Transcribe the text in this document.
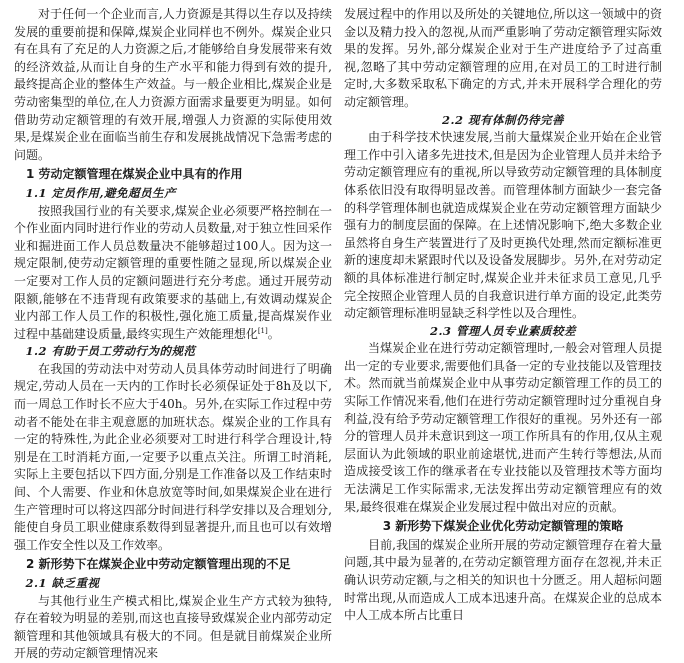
对于任何一个企业而言,人力资源是其得以生存以及持续发展的重要前提和保障,煤炭企业同样也不例外。煤炭企业只有在具有了充足的人力资源之后,才能够给自身发展带来有效的经济效益,从而让自身的生产水平和能力得到有效的提升,最终提高企业的整体生产效益。与一般企业相比,煤炭企业是劳动密集型的单位,在人力资源方面需求量要更为明显。如何借助劳动定额管理的有效开展,增强人力资源的实际使用效果,是煤炭企业在面临当前生存和发展挑战情况下急需考虑的问题。

1 劳动定额管理在煤炭企业中具有的作用
1.1 定员作用,避免超员生产

按照我国行业的有关要求,煤炭企业必须要严格控制在一个作业面内同时进行作业的劳动人员数量,对于独立性回采作业和掘进面工作人员总数量决不能够超过100人。因为这一规定限制,使劳动定额管理的重要性随之显现,所以煤炭企业一定要对工作人员的定额问题进行充分考虑。通过开展劳动限额,能够在不违背现有政策要求的基础上,有效调动煤炭企业内部工作人员工作的积极性,强化施工质量,提高煤炭作业过程中基础建设质量,最终实现生产效能理想化[1]。

1.2 有助于员工劳动行为的规范

在我国的劳动法中对劳动人员具体劳动时间进行了明确规定,劳动人员在一天内的工作时长必须保证处于8h及以下,而一周总工作时长不应大于40h。另外,在实际工作过程中劳动者不能处在非主观意愿的加班状态。煤炭企业的工作具有一定的特殊性,为此企业必须要对工时进行科学合理设计,特别是在工时消耗方面,一定要予以重点关注。所谓工时消耗,实际上主要包括以下四方面,分别是工作准备以及工作结束时间、个人需要、作业和休息放宽等时间,如果煤炭企业在进行生产管理时可以将这四部分时间进行科学安排以及合理划分,能使自身员工职业健康系数得到显著提升,而且也可以有效增强工作安全性以及工作效率。

2 新形势下在煤炭企业中劳动定额管理出现的不足
2.1 缺乏重视

与其他行业生产模式相比,煤炭企业生产方式较为独特,存在着较为明显的差别,而这也直接导致煤炭企业内部劳动定额管理和其他领域具有极大的不同。但是就目前煤炭企业所开展的劳动定额管理情况来

发展过程中的作用以及所处的关键地位,所以这一领域中的资金以及精力投入的忽视,从而严重影响了劳动定额管理实际效果的发挥。另外,部分煤炭企业对于生产进度给予了过高重视,忽略了其中劳动定额管理的应用,在对员工的工时进行制定时,大多数采取私下确定的方式,并未开展科学合理化的劳动定额管理。

2.2 现有体制仍待完善

由于科学技术快速发展,当前大量煤炭企业开始在企业管理工作中引入诸多先进技术,但是因为企业管理人员并未给予劳动定额管理应有的重视,所以导致劳动定额管理的具体制度体系依旧没有取得明显改善。而管理体制方面缺少一套完备的科学管理体制也就造成煤炭企业在劳动定额管理方面缺少强有力的制度层面的保障。在上述情况影响下,绝大多数企业虽然将自身生产装置进行了及时更换代处理,然而定额标准更新的速度却未紧跟时代以及设备发展脚步。另外,在对劳动定额的具体标准进行制定时,煤炭企业并未征求员工意见,几乎完全按照企业管理人员的自我意识进行单方面的设定,此类劳动定额管理标准明显缺乏科学性以及合理性。

2.3 管理人员专业素质较差

当煤炭企业在进行劳动定额管理时,一般会对管理人员提出一定的专业要求,需要他们具备一定的专业技能以及管理技术。然而就当前煤炭企业中从事劳动定额管理工作的员工的实际工作情况来看,他们在进行劳动定额管理时过分重视自身利益,没有给予劳动定额管理工作很好的重视。另外还有一部分的管理人员并未意识到这一项工作所具有的作用,仅从主观层面认为此领域的职业前途堪忧,进而产生转行等想法,从而造成接受该工作的继承者在专业技能以及管理技术等方面均无法满足工作实际需求,无法发挥出劳动定额管理应有的效果,最终很难在煤炭企业发展过程中做出对应的贡献。

3 新形势下煤炭企业优化劳动定额管理的策略

目前,我国的煤炭企业所开展的劳动定额管理存在着大量问题,其中最为显著的,在劳动定额管理方面存在忽视,并未正确认识劳动定额,与之相关的知识也十分匮乏。用人超标问题时常出现,从而造成人工成本迅速升高。在煤炭企业的总成本中人工成本所占比重日
